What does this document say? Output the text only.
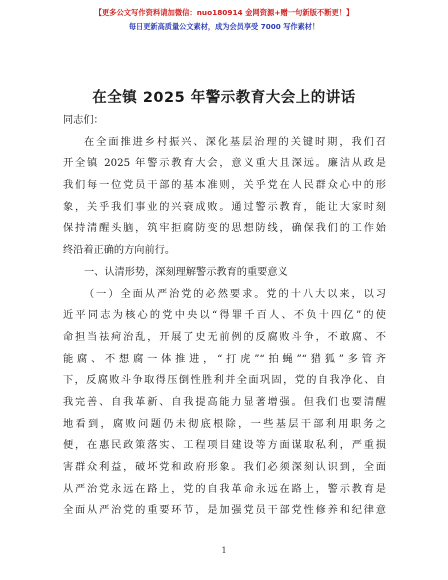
【更多公文写作资料请加微信：nuo180914 金网资源+赠一句新版不断更！】
每日更新高质量公文素材，成为会员享受 7000 写作素材！
在全镇 2025 年警示教育大会上的讲话
同志们：
在全面推进乡村振兴、深化基层治理的关键时期，我们召
开全镇 2025 年警示教育大会，意义重大且深远。廉洁从政是
我们每一位党员干部的基本准则，关乎党在人民群众心中的形
象，关乎我们事业的兴衰成败。通过警示教育，能让大家时刻
保持清醒头脑，筑牢拒腐防变的思想防线，确保我们的工作始
终沿着正确的方向前行。
一、认清形势，深刻理解警示教育的重要意义
（一）全面从严治党的必然要求。党的十八大以来，以习
近平同志为核心的党中央以“得罪千百人、不负十四亿”的使
命担当祛疴治乱，开展了史无前例的反腐败斗争，不敢腐、不
能腐、不想腐一体推进，“打虎”“拍蝇”“猎狐”多管齐
下，反腐败斗争取得压倒性胜利并全面巩固，党的自我净化、自
我完善、自我革新、自我提高能力显著增强。但我们也要清醒
地看到，腐败问题仍未彻底根除，一些基层干部利用职务之
便，在惠民政策落实、工程项目建设等方面谋取私利，严重损
害群众利益，破坏党和政府形象。我们必须深刻认识到，全面
从严治党永远在路上，党的自我革命永远在路上，警示教育是
全面从严治党的重要环节，是加强党员干部党性修养和纪律意
1
